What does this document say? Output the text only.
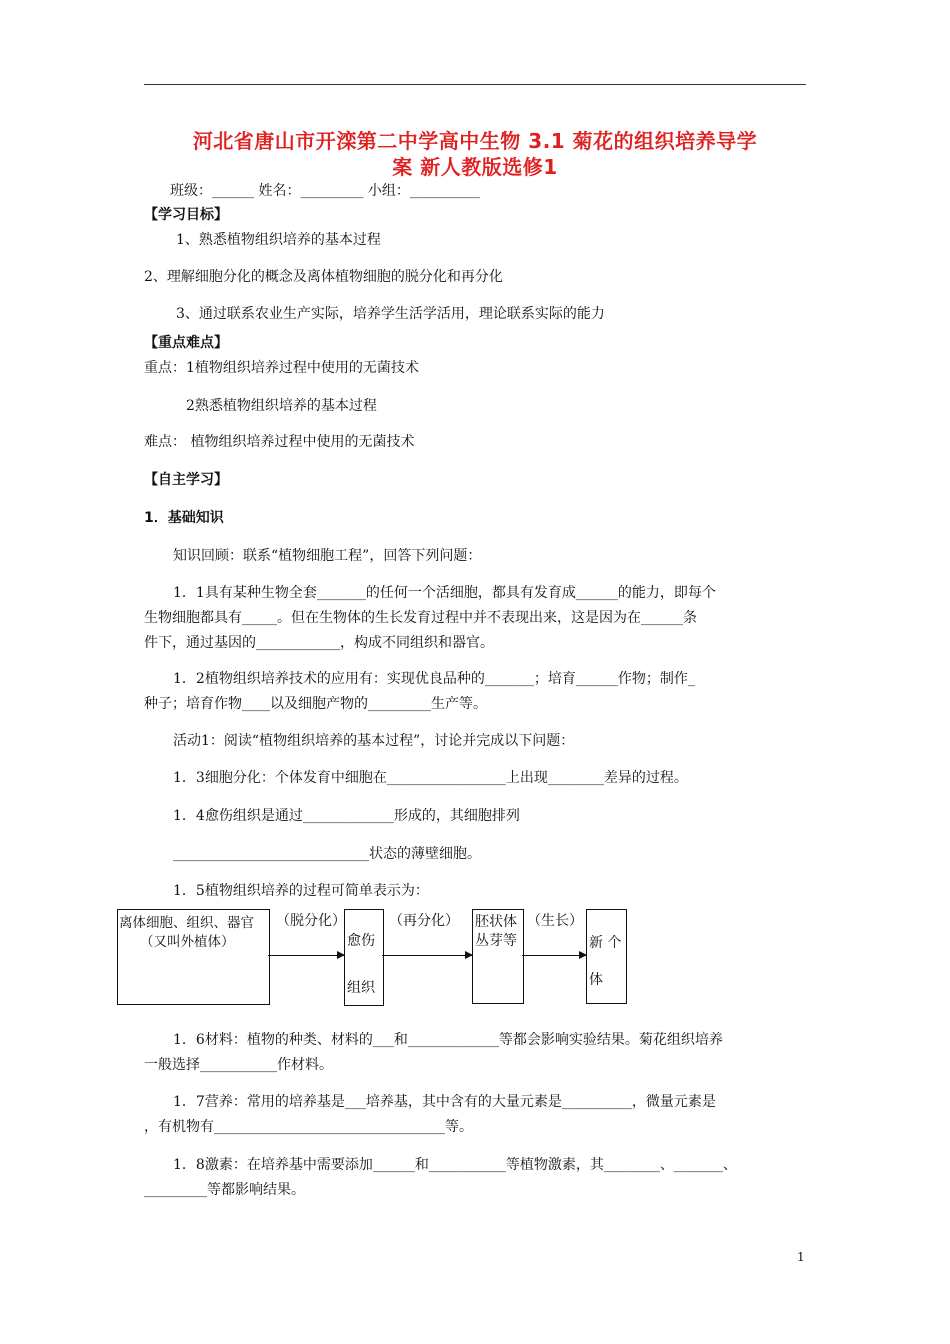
河北省唐山市开滦第二中学高中生物 3.1 菊花的组织培养导学
案 新人教版选修1
班级：______ 姓名：_________ 小组：__________
【学习目标】
1、熟悉植物组织培养的基本过程
2、理解细胞分化的概念及离体植物细胞的脱分化和再分化
3、通过联系农业生产实际，培养学生活学活用，理论联系实际的能力
【重点难点】
重点：1植物组织培养过程中使用的无菌技术
2熟悉植物组织培养的基本过程
难点： 植物组织培养过程中使用的无菌技术
【自主学习】
1．基础知识
知识回顾：联系“植物细胞工程”，回答下列问题：
1．1具有某种生物全套_______的任何一个活细胞，都具有发育成______的能力，即每个
生物细胞都具有_____。但在生物体的生长发育过程中并不表现出来，这是因为在______条
件下，通过基因的____________，构成不同组织和器官。
1．2植物组织培养技术的应用有：实现优良品种的_______；培育______作物；制作_
种子；培育作物____以及细胞产物的_________生产等。
活动1：阅读“植物组织培养的基本过程”，讨论并完成以下问题：
1．3细胞分化：个体发育中细胞在_________________上出现________差异的过程。
1．4愈伤组织是通过_____________形成的，其细胞排列
____________________________状态的薄壁细胞。
1．5植物组织培养的过程可简单表示为：
离体细胞、组织、器官
（又叫外植体）
（脱分化）
愈伤
组织
（再分化） 胚状体
丛芽等
（生长）
新 个
体
活动2：阅读“影响植物组织培养的条件”，讨论并完成以下问题：
1．6材料：植物的种类、材料的___和_____________等都会影响实验结果。菊花组织培养
一般选择___________作材料。
1．7营养：常用的培养基是___培养基，其中含有的大量元素是__________，微量元素是
，有机物有_________________________________等。
1．8激素：在培养基中需要添加______和___________等植物激素，其________、_______、
_________等都影响结果。
1
